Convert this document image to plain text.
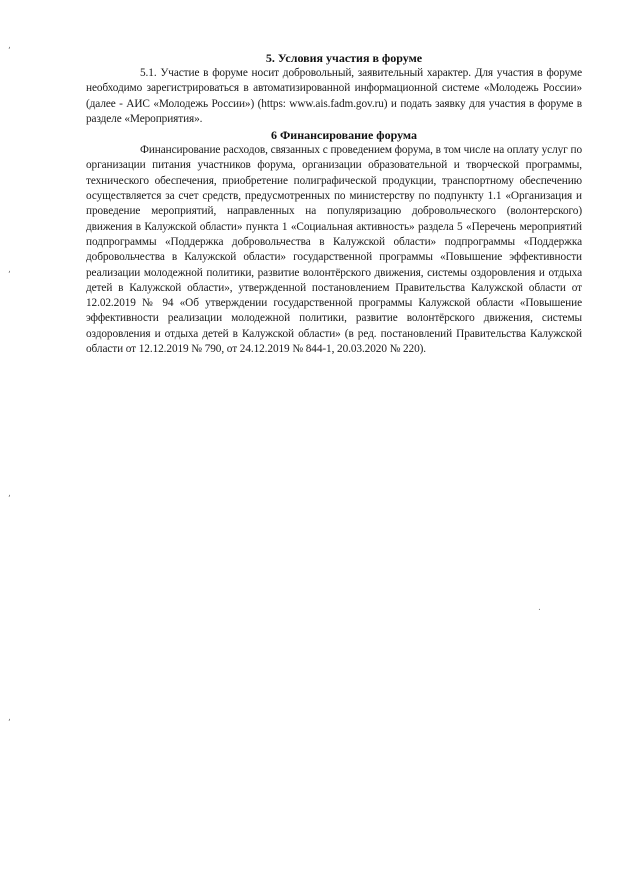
,
,
,
,
.
5. Условия участия в форуме

5.1. Участие в форуме носит добровольный, заявительный характер. Для участия в форуме необходимо зарегистрироваться в автоматизированной информационной системе «Молодежь России» (далее - АИС «Молодежь России») (https: www.ais.fadm.gov.ru) и подать заявку для участия в форуме в разделе «Мероприятия».

6 Финансирование форума

Финансирование расходов, связанных с проведением форума, в том числе на оплату услуг по организации питания участников форума, организации образовательной и творческой программы, технического обеспечения, приобретение полиграфической продукции, транспортному обеспечению осуществляется за счет средств, предусмотренных по министерству по подпункту 1.1 «Организация и проведение мероприятий, направленных на популяризацию добровольческого (волонтерского) движения в Калужской области» пункта 1 «Социальная активность» раздела 5 «Перечень мероприятий подпрограммы «Поддержка добровольчества в Калужской области» подпрограммы «Поддержка добровольчества в Калужской области» государственной программы «Повышение эффективности реализации молодежной политики, развитие волонтёрского движения, системы оздоровления и отдыха детей в Калужской области», утвержденной постановлением Правительства Калужской области от 12.02.2019 № 94 «Об утверждении государственной программы Калужской области «Повышение эффективности реализации молодежной политики, развитие волонтёрского движения, системы оздоровления и отдыха детей в Калужской области» (в ред. постановлений Правительства Калужской области от 12.12.2019 № 790, от 24.12.2019 № 844-1, 20.03.2020 № 220).
